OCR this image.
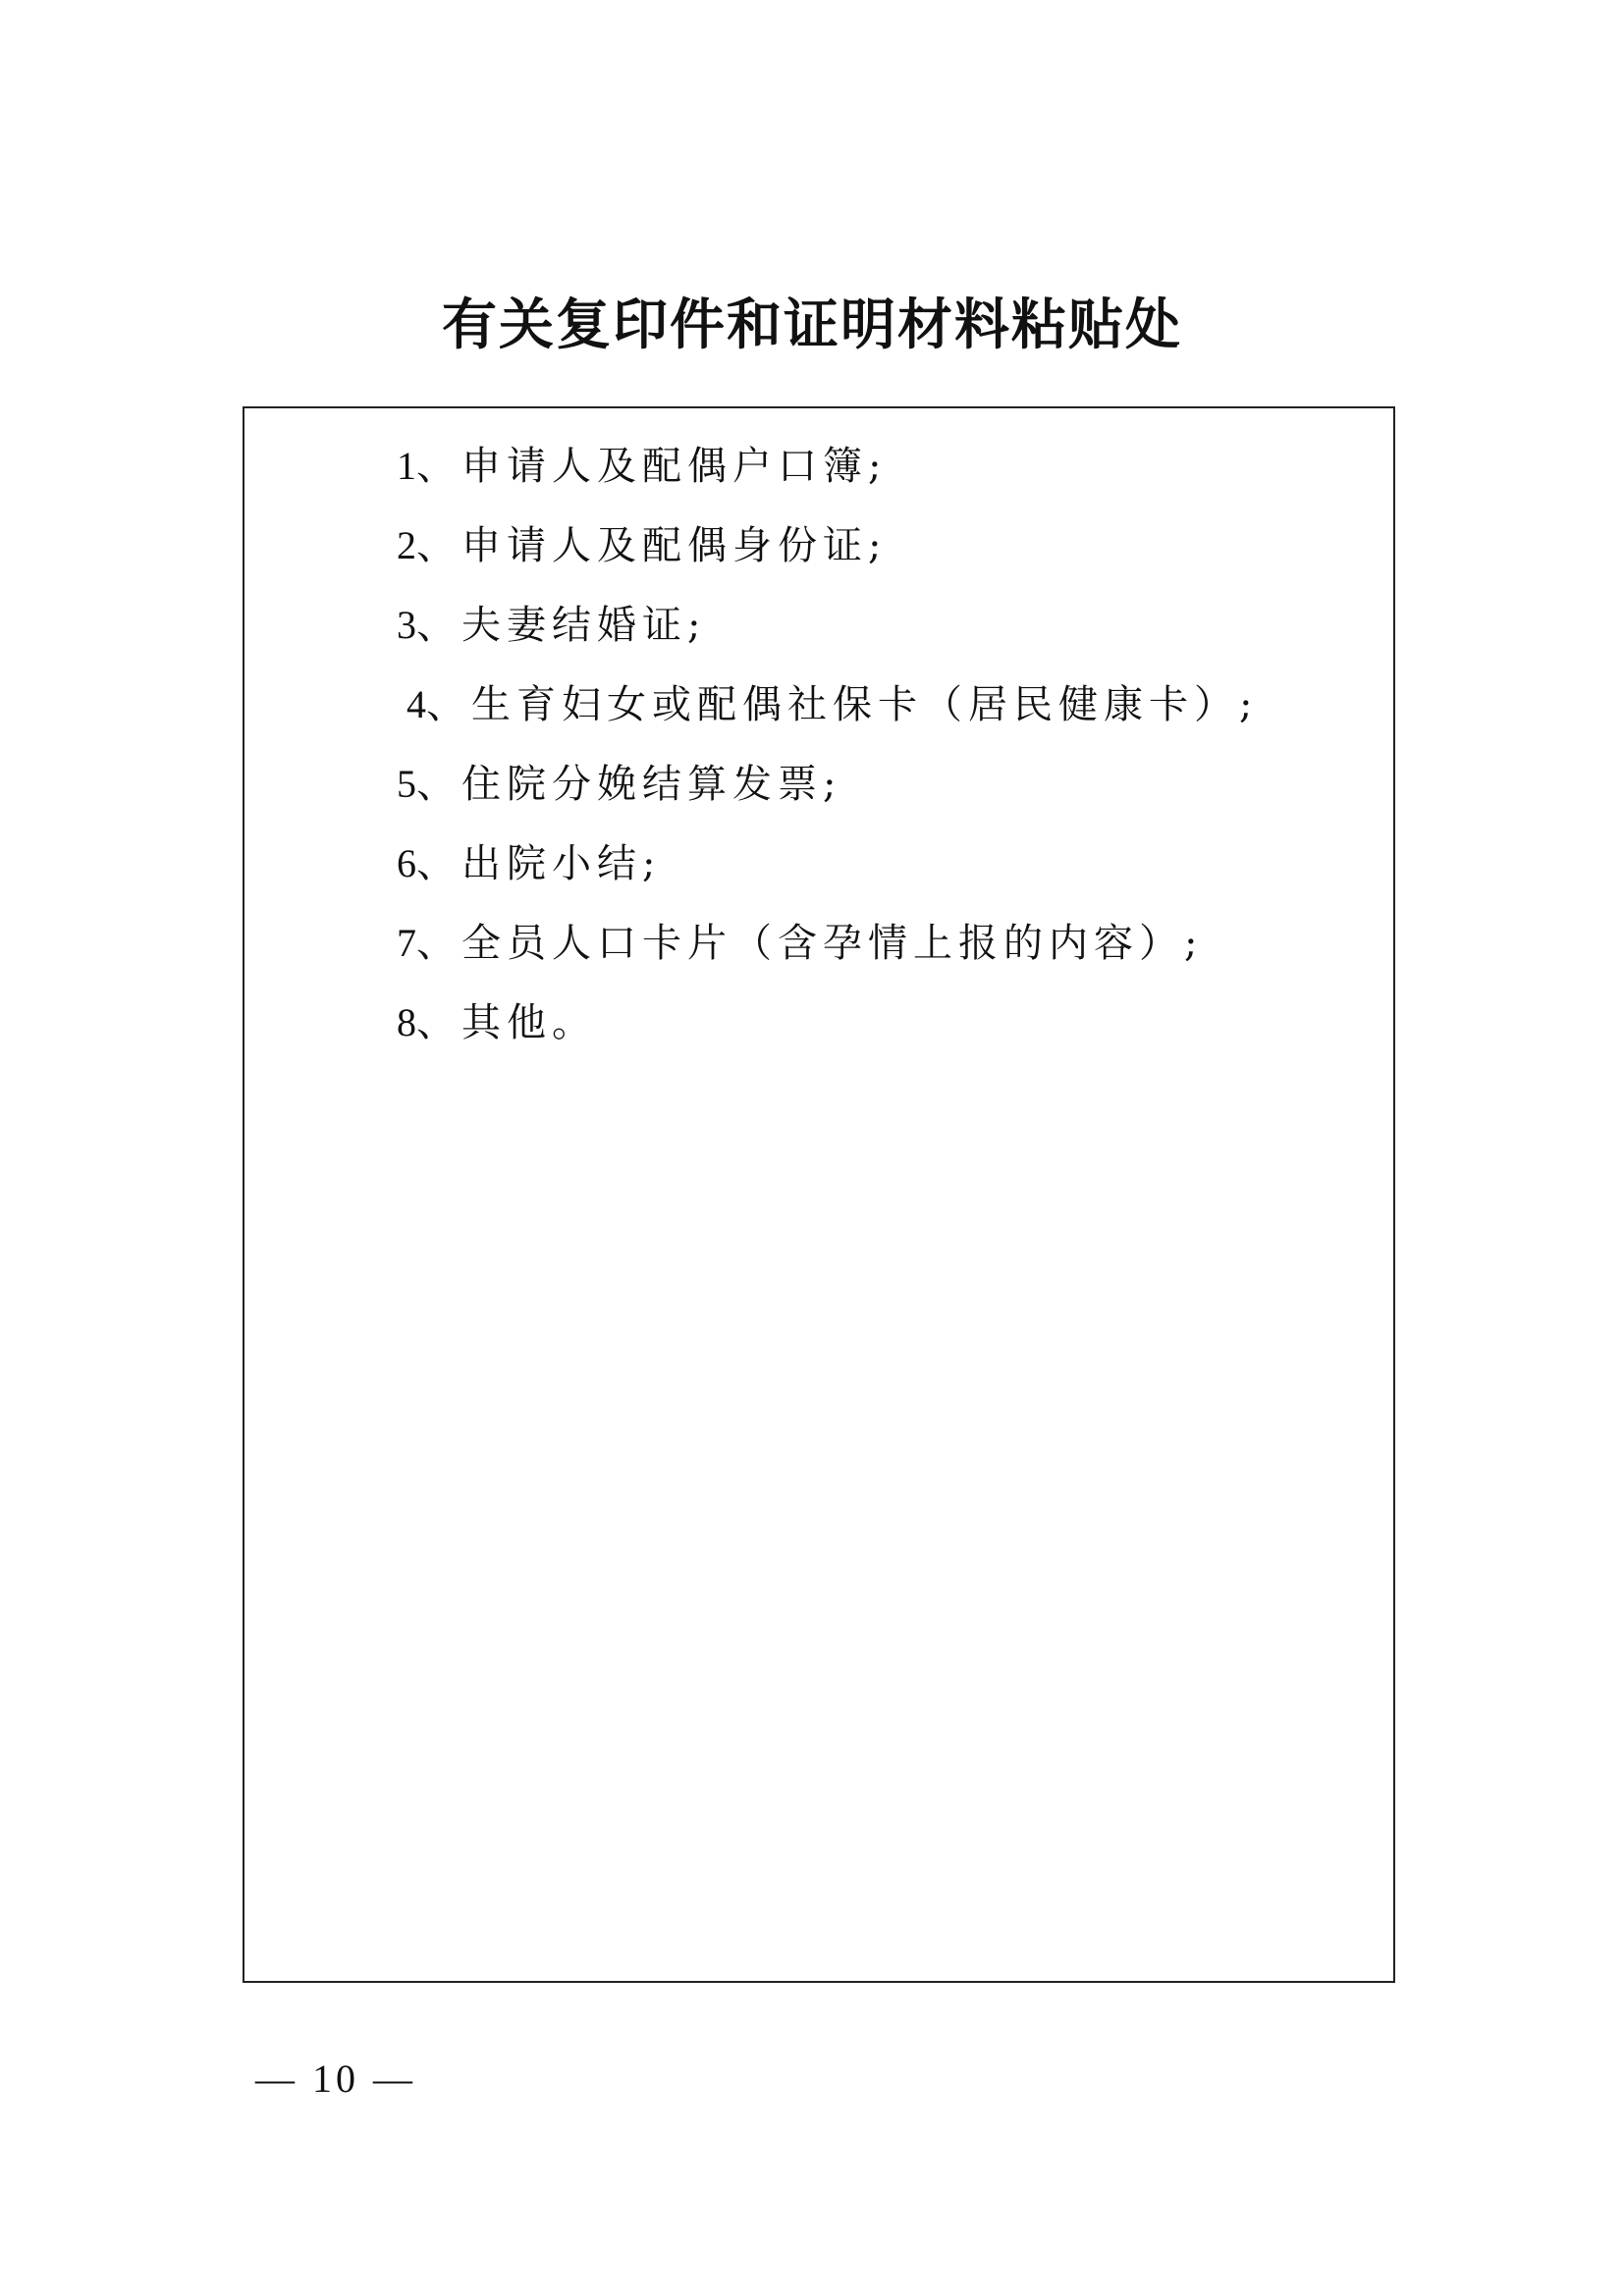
有关复印件和证明材料粘贴处
1、申请人及配偶户口簿;
2、申请人及配偶身份证;
3、夫妻结婚证;
4、生育妇女或配偶社保卡（居民健康卡）;
5、住院分娩结算发票;
6、出院小结;
7、全员人口卡片（含孕情上报的内容）;
8、其他。
— 10 —
